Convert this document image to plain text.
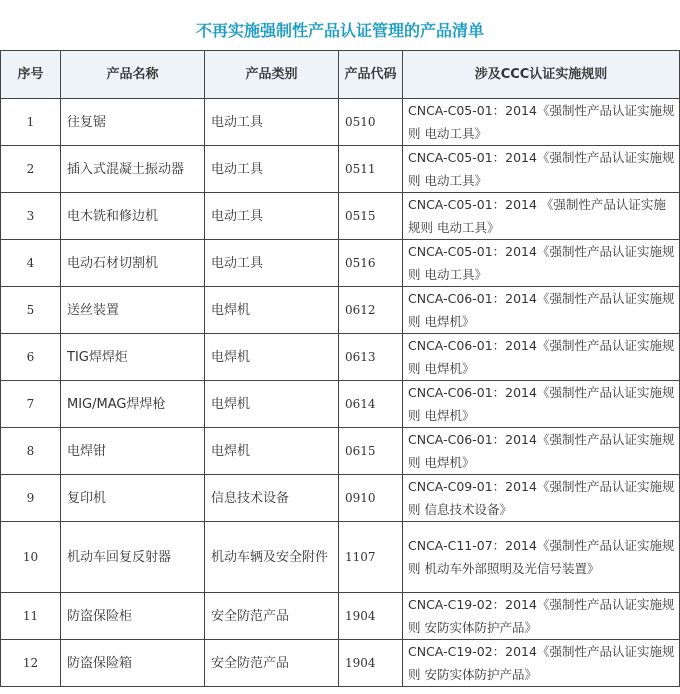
不再实施强制性产品认证管理的产品清单
序号	产品名称	产品类别	产品代码	涉及CCC认证实施规则
1	往复锯	电动工具	0510	CNCA-C05-01：2014《强制性产品认证实施规则 电动工具》
2	插入式混凝土振动器	电动工具	0511	CNCA-C05-01：2014《强制性产品认证实施规则 电动工具》
3	电木铣和修边机	电动工具	0515	CNCA-C05-01：2014 《强制性产品认证实施规则 电动工具》
4	电动石材切割机	电动工具	0516	CNCA-C05-01：2014《强制性产品认证实施规则 电动工具》
5	送丝装置	电焊机	0612	CNCA-C06-01：2014《强制性产品认证实施规则 电焊机》
6	TIG焊焊炬	电焊机	0613	CNCA-C06-01：2014《强制性产品认证实施规则 电焊机》
7	MIG/MAG焊焊枪	电焊机	0614	CNCA-C06-01：2014《强制性产品认证实施规则 电焊机》
8	电焊钳	电焊机	0615	CNCA-C06-01：2014《强制性产品认证实施规则 电焊机》
9	复印机	信息技术设备	0910	CNCA-C09-01：2014《强制性产品认证实施规则 信息技术设备》
10	机动车回复反射器	机动车辆及安全附件	1107	CNCA-C11-07：2014《强制性产品认证实施规则 机动车外部照明及光信号装置》
11	防盗保险柜	安全防范产品	1904	CNCA-C19-02：2014《强制性产品认证实施规则 安防实体防护产品》
12	防盗保险箱	安全防范产品	1904	CNCA-C19-02：2014《强制性产品认证实施规则 安防实体防护产品》
